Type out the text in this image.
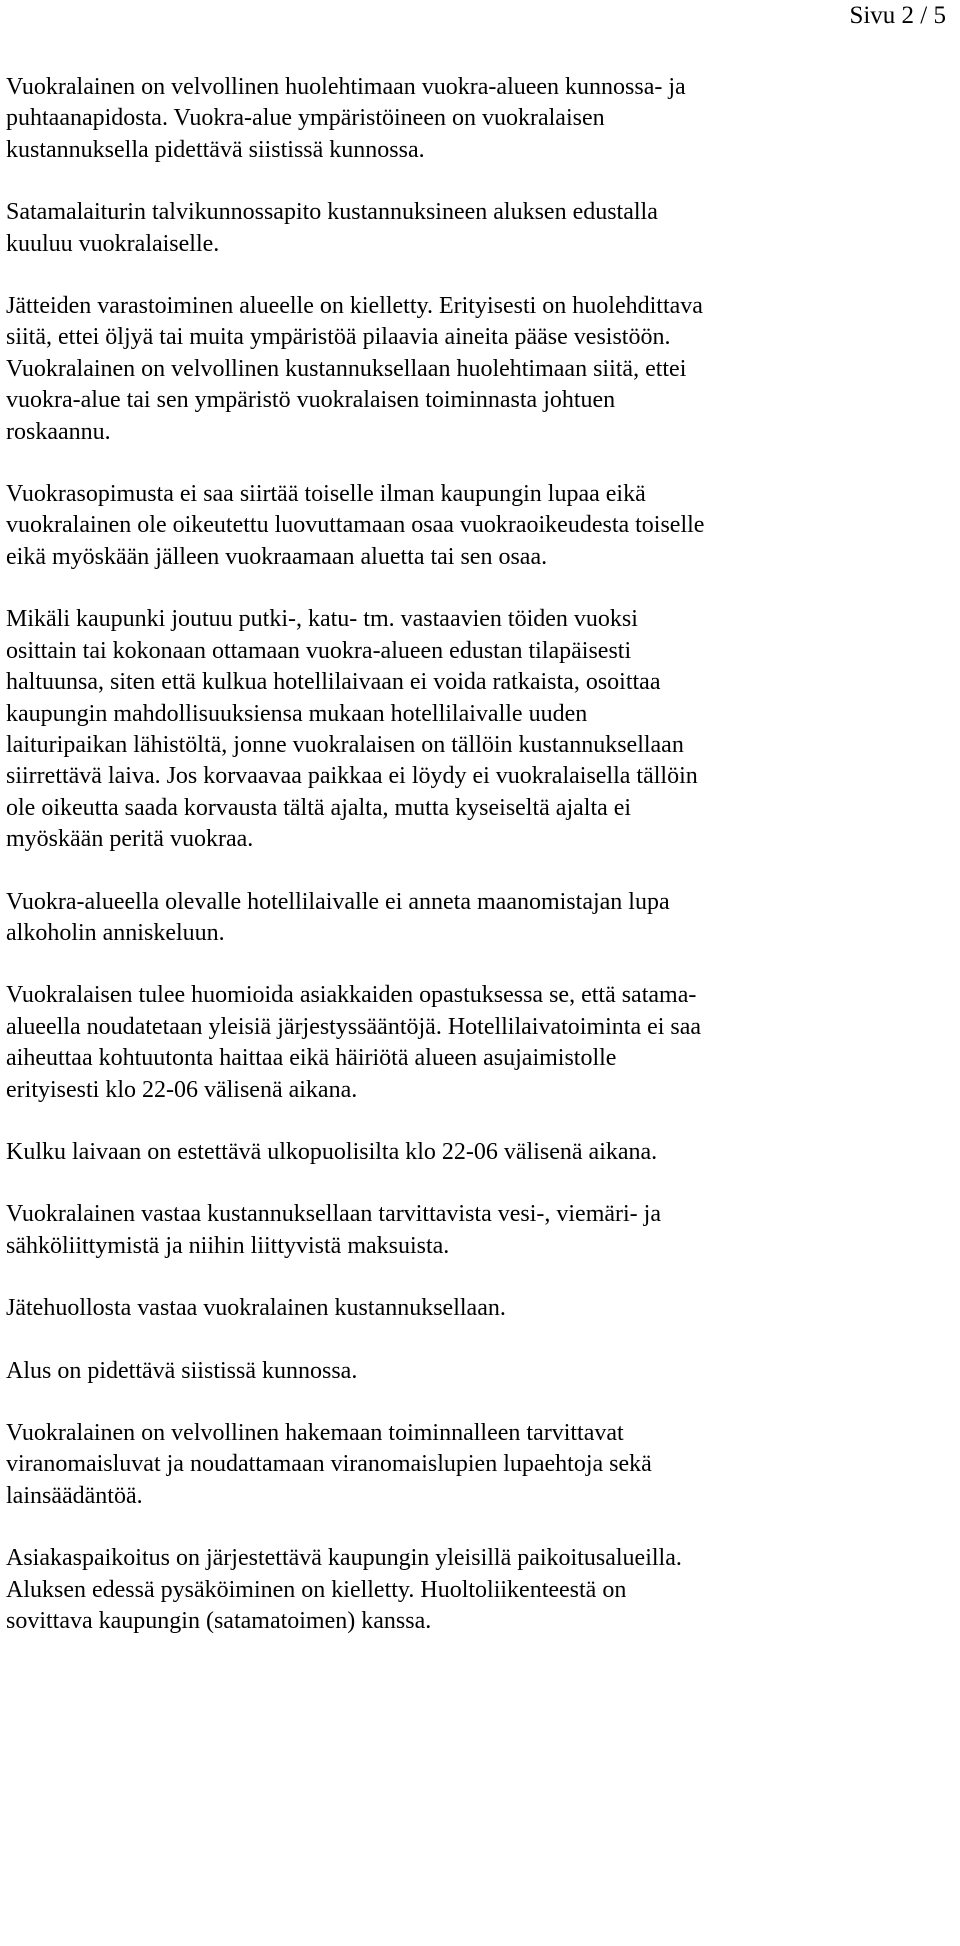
Sivu 2 / 5

Vuokralainen on velvollinen huolehtimaan vuokra-alueen kunnossa- ja
puhtaanapidosta. Vuokra-alue ympäristöineen on vuokralaisen
kustannuksella pidettävä siistissä kunnossa.

Satamalaiturin talvikunnossapito kustannuksineen aluksen edustalla
kuuluu vuokralaiselle.

Jätteiden varastoiminen alueelle on kielletty. Erityisesti on huolehdittava
siitä, ettei öljyä tai muita ympäristöä pilaavia aineita pääse vesistöön.
Vuokralainen on velvollinen kustannuksellaan huolehtimaan siitä, ettei
vuokra-alue tai sen ympäristö vuokralaisen toiminnasta johtuen
roskaannu.

Vuokrasopimusta ei saa siirtää toiselle ilman kaupungin lupaa eikä
vuokralainen ole oikeutettu luovuttamaan osaa vuokraoikeudesta toiselle
eikä myöskään jälleen vuokraamaan aluetta tai sen osaa.

Mikäli kaupunki joutuu putki-, katu- tm. vastaavien töiden vuoksi
osittain tai kokonaan ottamaan vuokra-alueen edustan tilapäisesti
haltuunsa, siten että kulkua hotellilaivaan ei voida ratkaista, osoittaa
kaupungin mahdollisuuksiensa mukaan hotellilaivalle uuden
laituripaikan lähistöltä, jonne vuokralaisen on tällöin kustannuksellaan
siirrettävä laiva. Jos korvaavaa paikkaa ei löydy ei vuokralaisella tällöin
ole oikeutta saada korvausta tältä ajalta, mutta kyseiseltä ajalta ei
myöskään peritä vuokraa.

Vuokra-alueella olevalle hotellilaivalle ei anneta maanomistajan lupa
alkoholin anniskeluun.

Vuokralaisen tulee huomioida asiakkaiden opastuksessa se, että satama-
alueella noudatetaan yleisiä järjestyssääntöjä. Hotellilaivatoiminta ei saa
aiheuttaa kohtuutonta haittaa eikä häiriötä alueen asujaimistolle
erityisesti klo 22-06 välisenä aikana.

Kulku laivaan on estettävä ulkopuolisilta klo 22-06 välisenä aikana.

Vuokralainen vastaa kustannuksellaan tarvittavista vesi-, viemäri- ja
sähköliittymistä ja niihin liittyvistä maksuista.

Jätehuollosta vastaa vuokralainen kustannuksellaan.

Alus on pidettävä siistissä kunnossa.

Vuokralainen on velvollinen hakemaan toiminnalleen tarvittavat
viranomaisluvat ja noudattamaan viranomaislupien lupaehtoja sekä
lainsäädäntöä.

Asiakaspaikoitus on järjestettävä kaupungin yleisillä paikoitusalueilla.
Aluksen edessä pysäköiminen on kielletty. Huoltoliikenteestä on
sovittava kaupungin (satamatoimen) kanssa.
